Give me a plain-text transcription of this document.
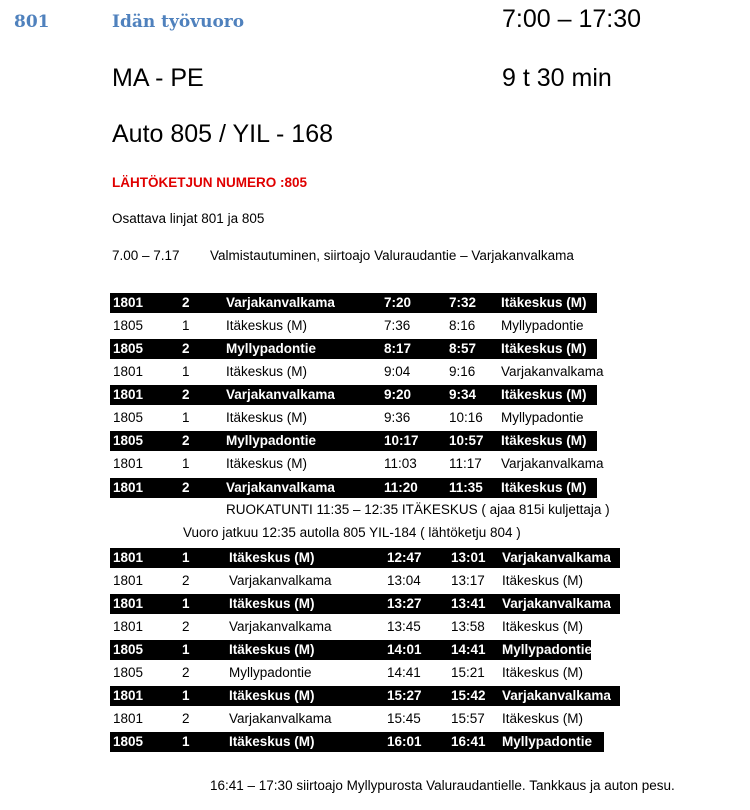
801	Idän työvuoro	7:00 – 17:30
MA - PE	9 t 30 min
Auto 805 / YIL - 168
LÄHTÖKETJUN NUMERO :805
Osattava linjat 801 ja 805
7.00 – 7.17 Valmistautuminen, siirtoajo Valuraudantie – Varjakanvalkama
1801	2	Varjakanvalkama	7:20	7:32 Itäkeskus (M)
1805	1	Itäkeskus (M)	7:36	8:16 Myllypadontie
1805	2	Myllypadontie	8:17	8:57 Itäkeskus (M)
1801	1	Itäkeskus (M)	9:04	9:16 Varjakanvalkama
1801	2	Varjakanvalkama	9:20	9:34 Itäkeskus (M)
1805	1	Itäkeskus (M)	9:36	10:16 Myllypadontie
1805	2	Myllypadontie	10:17 10:57 Itäkeskus (M)
1801	1	Itäkeskus (M)	11:03 11:17 Varjakanvalkama
1801	2	Varjakanvalkama	11:20 11:35 Itäkeskus (M)
RUOKATUNTI 11:35 – 12:35 ITÄKESKUS ( ajaa 815i kuljettaja )
Vuoro jatkuu 12:35 autolla 805 YIL-184 ( lähtöketju 804 )
1801	1	Itäkeskus (M)	12:47 13:01 Varjakanvalkama
1801	2	Varjakanvalkama	13:04 13:17 Itäkeskus (M)
1801	1	Itäkeskus (M)	13:27 13:41 Varjakanvalkama
1801	2	Varjakanvalkama	13:45 13:58 Itäkeskus (M)
1805	1	Itäkeskus (M)	14:01 14:41 Myllypadontie
1805	2	Myllypadontie	14:41 15:21 Itäkeskus (M)
1801	1	Itäkeskus (M)	15:27 15:42 Varjakanvalkama
1801	2	Varjakanvalkama	15:45 15:57 Itäkeskus (M)
1805	1	Itäkeskus (M)	16:01 16:41 Myllypadontie
16:41 – 17:30 siirtoajo Myllypurosta Valuraudantielle. Tankkaus ja auton pesu.
